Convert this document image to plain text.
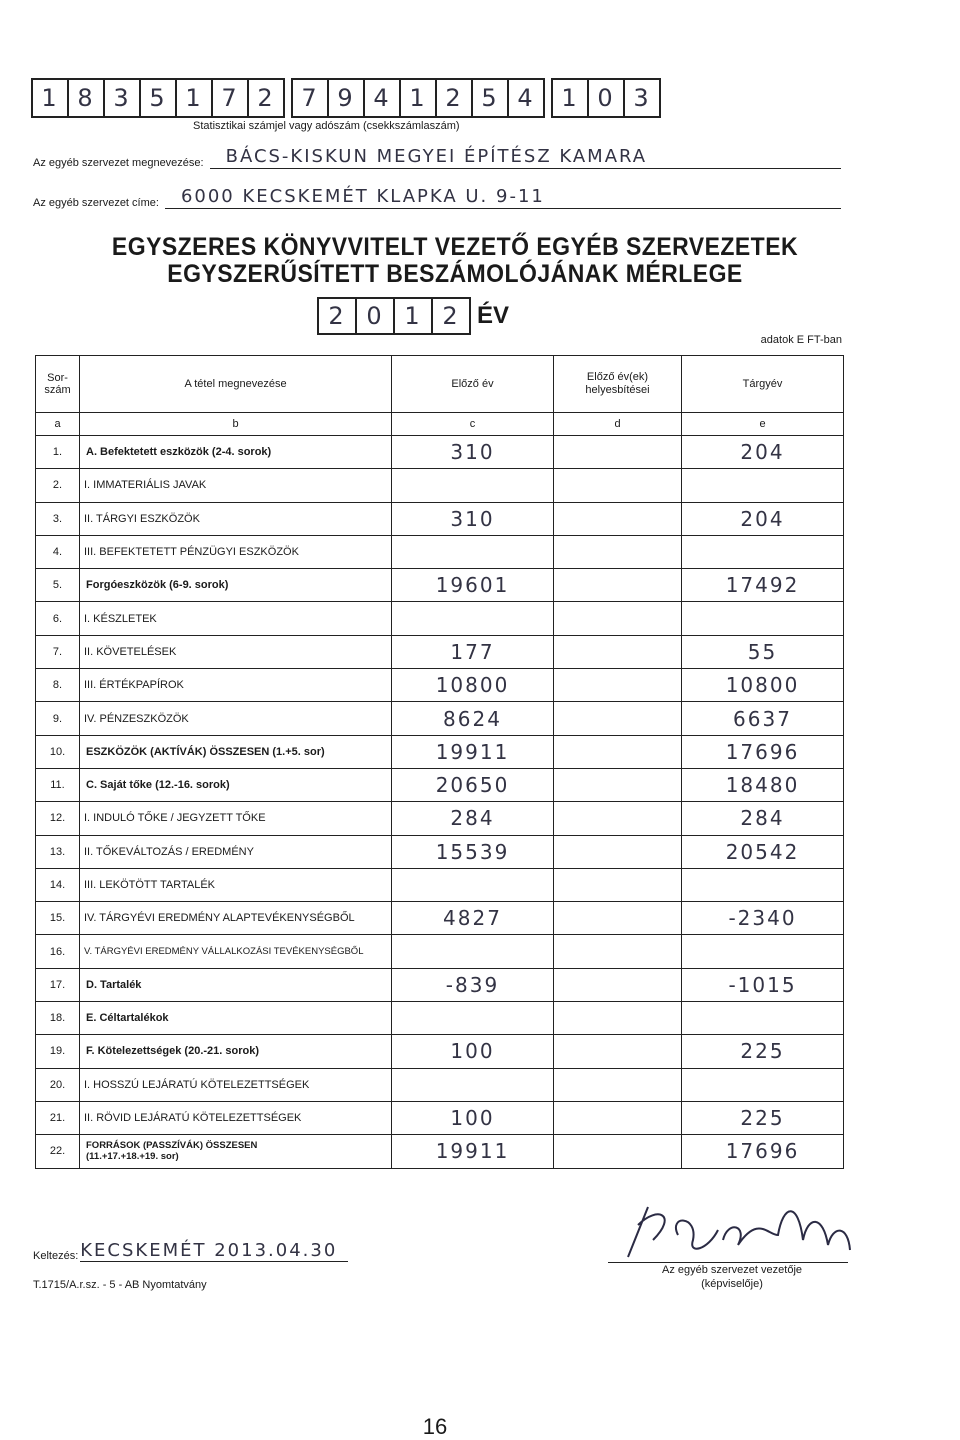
1 8 3 5 1 7 2	7 9 4 1 2 5 4	1 0 3
Statisztikai számjel vagy adószám (csekkszámlaszám)
Az egyéb szervezet megnevezése:	BÁCS-KISKUN MEGYEI ÉPÍTÉSZ KAMARA
Az egyéb szervezet címe:	6000 KECSKEMÉT KLAPKA U. 9-11
EGYSZERES KÖNYVVITELT VEZETŐ EGYÉB SZERVEZETEK
EGYSZERŰSÍTETT BESZÁMOLÓJÁNAK MÉRLEGE
2 0 1 2 ÉV
adatok E FT-ban
Sor-
szám	A tétel megnevezése	Előző év	Előző év(ek)
helyesbítései	Tárgyév
a	b	c	d	e
1.	A. Befektetett eszközök (2-4. sorok)	310		204
2.	I. IMMATERIÁLIS JAVAK			
3.	II. TÁRGYI ESZKÖZÖK	310		204
4.	III. BEFEKTETETT PÉNZÜGYI ESZKÖZÖK			
5.	Forgóeszközök (6-9. sorok)	19601		17492
6.	I. KÉSZLETEK			
7.	II. KÖVETELÉSEK	177		55
8.	III. ÉRTÉKPAPÍROK	10800		10800
9.	IV. PÉNZESZKÖZÖK	8624		6637
10.	ESZKÖZÖK (AKTÍVÁK) ÖSSZESEN (1.+5. sor)	19911		17696
11.	C. Saját tőke (12.-16. sorok)	20650		18480
12.	I. INDULÓ TŐKE / JEGYZETT TŐKE	284		284
13.	II. TŐKEVÁLTOZÁS / EREDMÉNY	15539		20542
14.	III. LEKÖTÖTT TARTALÉK			
15.	IV. TÁRGYÉVI EREDMÉNY ALAPTEVÉKENYSÉGBŐL	4827		-2340
16.	V. TÁRGYÉVI EREDMÉNY VÁLLALKOZÁSI TEVÉKENYSÉGBŐL			
17.	D. Tartalék	-839		-1015
18.	E. Céltartalékok			
19.	F. Kötelezettségek (20.-21. sorok)	100		225
20.	I. HOSSZÚ LEJÁRATÚ KÖTELEZETTSÉGEK			
21.	II. RÖVID LEJÁRATÚ KÖTELEZETTSÉGEK	100		225
22.	FORRÁSOK (PASSZÍVÁK) ÖSSZESEN
(11.+17.+18.+19. sor)	19911		17696
Keltezés: KECSKEMÉT 2013.04.30
Az egyéb szervezet vezetője
(képviselője)
T.1715/A.r.sz. - 5 - AB Nyomtatvány
16
